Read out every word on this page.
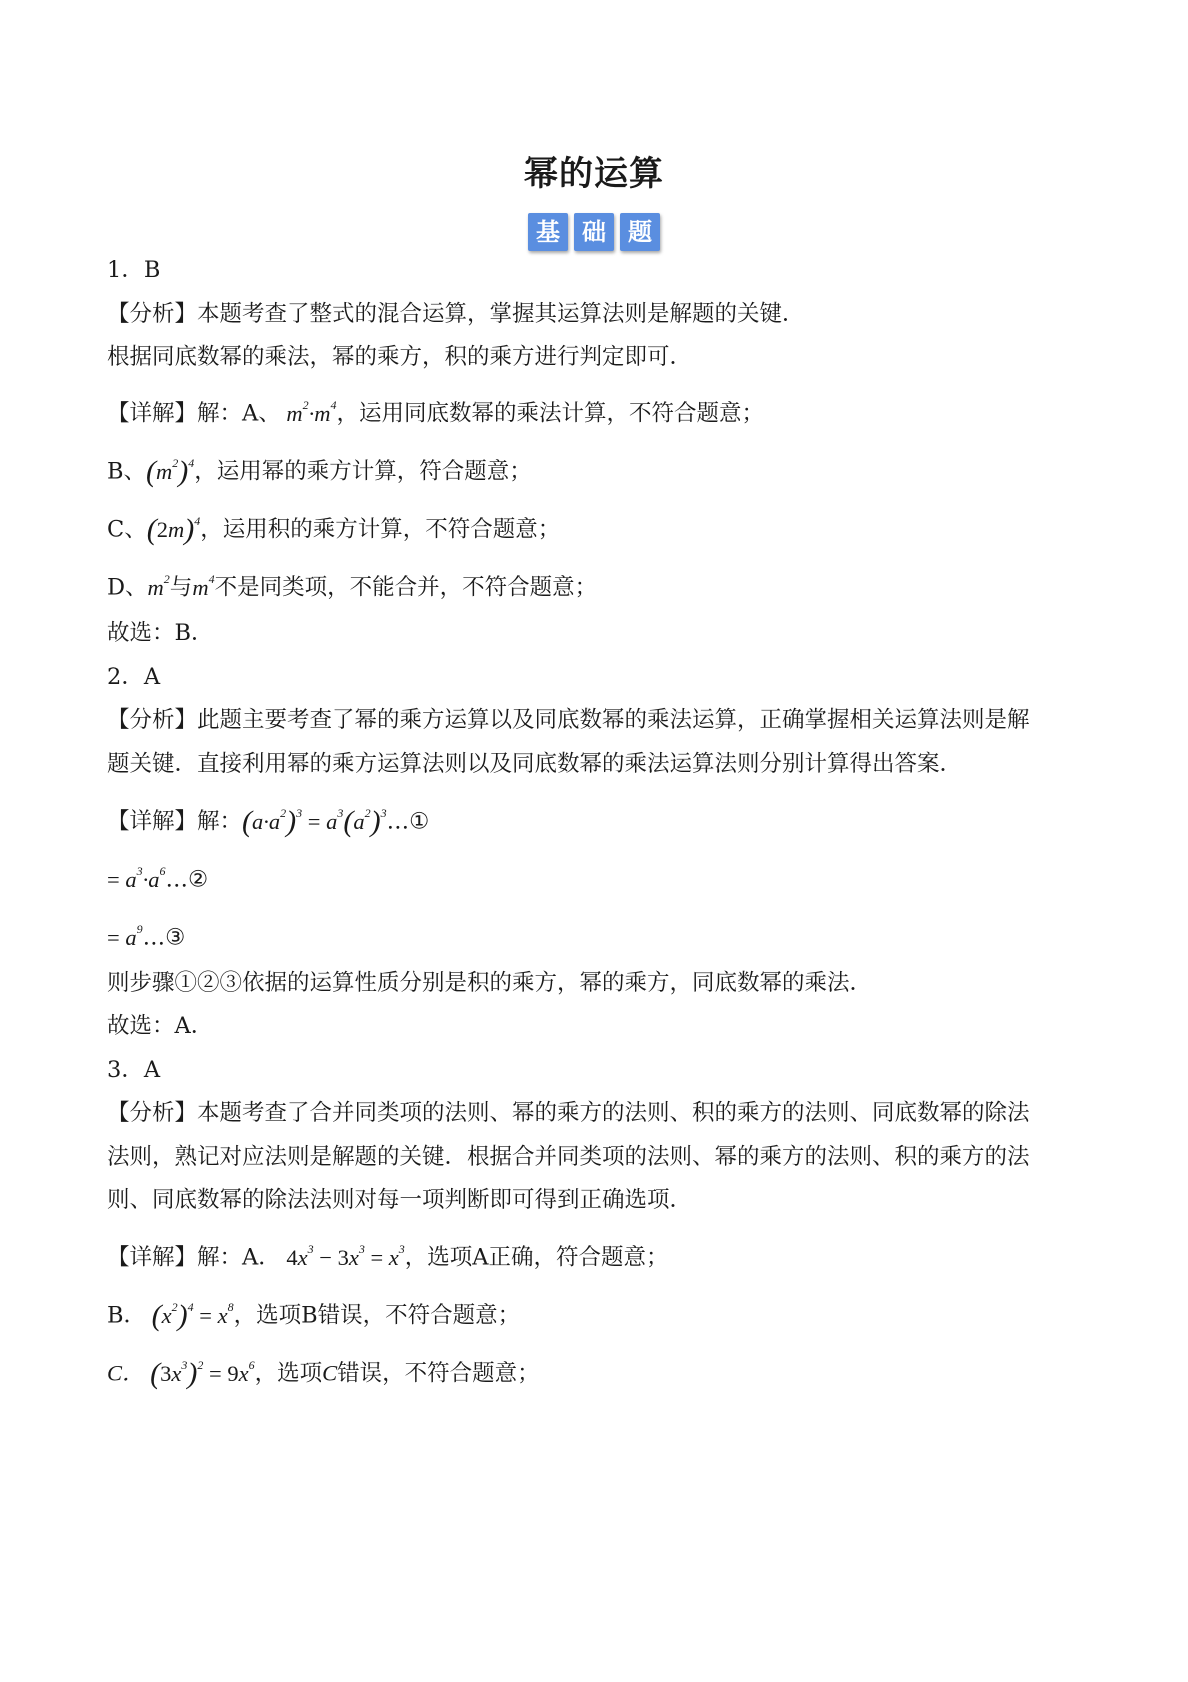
幂的运算
基 础 题
1．B
【分析】本题考查了整式的混合运算，掌握其运算法则是解题的关键．
根据同底数幂的乘法，幂的乘方，积的乘方进行判定即可．
【详解】解：A、 $m^2\cdot m^4$，运用同底数幂的乘法计算，不符合题意；
B、$(m^2)^4$，运用幂的乘方计算，符合题意；
C、$(2m)^4$，运用积的乘方计算，不符合题意；
D、$m^2$与$m^4$不是同类项，不能合并，不符合题意；
故选：B．
2．A
【分析】此题主要考查了幂的乘方运算以及同底数幂的乘法运算，正确掌握相关运算法则是解
题关键．直接利用幂的乘方运算法则以及同底数幂的乘法运算法则分别计算得出答案．
【详解】解：$(a\cdot a^2)^3$ = $a^3(a^2)^3\dots ①$
= $a^3\cdot a^6\dots ②$
= $a^9\dots ③$
则步骤①②③依据的运算性质分别是积的乘方，幂的乘方，同底数幂的乘法．
故选：A．
3．A
【分析】本题考查了合并同类项的法则、幂的乘方的法则、积的乘方的法则、同底数幂的除法
法则，熟记对应法则是解题的关键．根据合并同类项的法则、幂的乘方的法则、积的乘方的法
则、同底数幂的除法法则对每一项判断即可得到正确选项．
【详解】解：A． $4x^3 - 3x^3 = x^3$，选项A正确，符合题意；
B． $(x^2)^4 = x^8$，选项B错误，不符合题意；
C． $(3x^3)^2 = 9x^6$，选项C错误，不符合题意；
